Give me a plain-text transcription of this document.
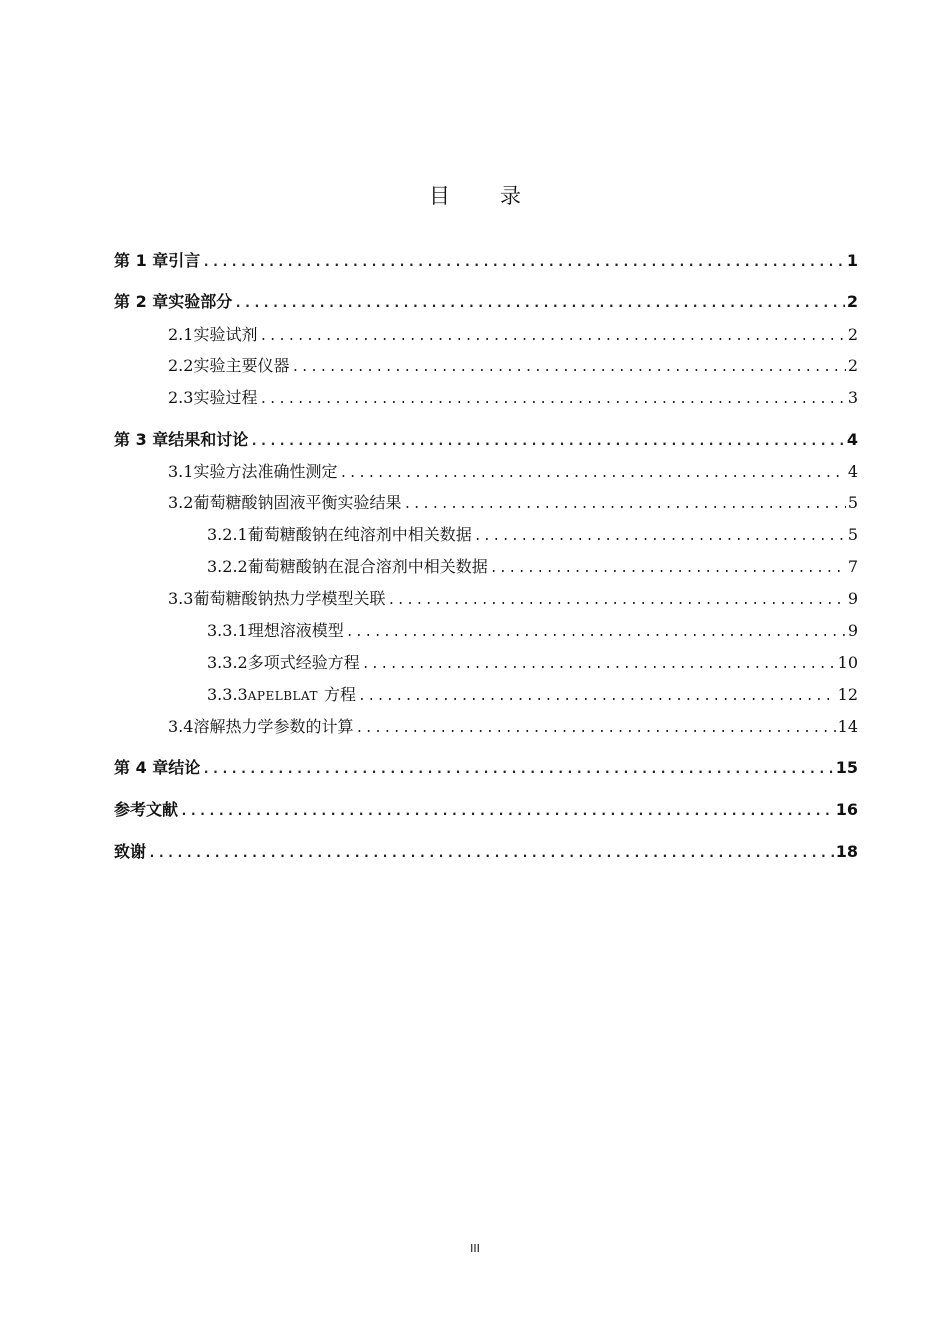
目 录
第 1 章 引言 .....	1
第 2 章 实验部分 .....	2
2.1 实验试剂 .....	2
2.2 实验主要仪器 .....	2
2.3 实验过程 .....	3
第 3 章 结果和讨论 .....	4
3.1 实验方法准确性测定 .....	4
3.2 葡萄糖酸钠固液平衡实验结果 .....	5
3.2.1 葡萄糖酸钠在纯溶剂中相关数据 .....	5
3.2.2 葡萄糖酸钠在混合溶剂中相关数据 .....	7
3.3 葡萄糖酸钠热力学模型关联 .....	9
3.3.1 理想溶液模型 .....	9
3.3.2 多项式经验方程 .....	10
3.3.3 APELBLAT 方程 .....	12
3.4 溶解热力学参数的计算 .....	14
第 4 章 结论 .....	15
参考文献 .....	16
致谢 .....	18
III
